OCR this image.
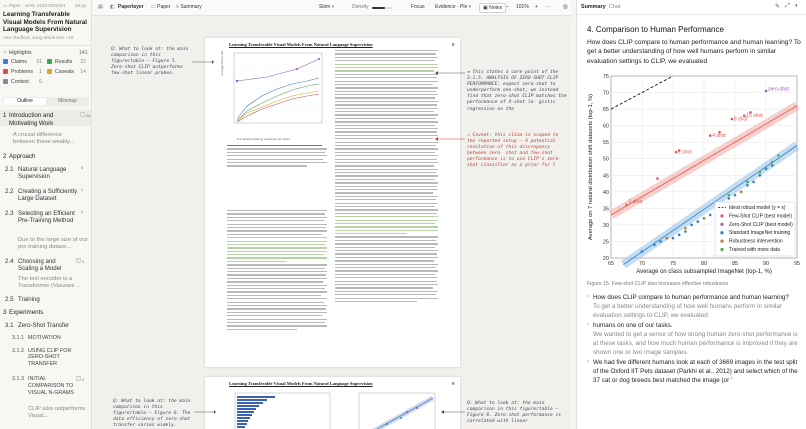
▭ Paper · arXiv 2103.00020v1 48 pp
Learning Transferable Visual Models From Natural Language Supervision
Alec Radford, Jong Wook Kim +10
✎ Highlights	141
Claims 31	Results 22
Problems 1	Caveats 14
Context 6
Outline	Minimap
1 Introduction and Motivating Work
24
A crucial difference between these weakly...
2 Approach
2.1 Natural Language Supervision
5
2.2 Creating a Sufficiently Large Dataset
1
2.3 Selecting an Efficient Pre-Training Method
2
Due to the large size of our pre-training datase...
2.4 Choosing and Scaling a Model
3
The text encoder is a Transformer (Vaswani ...
2.5 Training
3 Experiments
3.1 Zero-Shot Transfer
3.1.1 MOTIVATION
3.1.2 USING CLIP FOR ZERO-SHOT TRANSFER
3.1.3 INITIAL COMPARISON TO VISUAL N-GRAMS
4
CLIP also outperforms Visual...
▤ ◧ Paperlayer ▭ Paper ≡ Summary	Skim ▾	Density	Focus Evidence · Pin ▾	▣ Notes – 101% + ···	▥
Learning Transferable Visual Models From Natural Language Supervision	8
Average Score (%)
# of labeled training examples per class
Learning Transferable Visual Models From Natural Language Supervision	9
Q: What to look at: the main comparison in this figure/table — Figure 5. Zero-shot CLIP outperforms few-shot linear probes.	★ This states a core point of the 3.1.5. ANALYSIS OF ZERO-SHOT CLIP PERFORMANCE: expect zero-shot to underperform one-shot, we instead find that zero-shot CLIP matches the performance of 4-shot lo- gistic regression on the
⚠ Caveat: this claim is scoped to the reported setup — A potential resolution of this discrepancy between zero- shot and few-shot performance is to use CLIP's zero- shot classifier as a prior for t
Q: What to look at: the main comparison in this figure/table — Figure 6. The data efficiency of zero-shot transfer varies widely.
Q: What to look at: the main comparison in this figure/table — Figure 8. Zero-shot performance is correlated with linear
Summary Chat	✎ ⤢ ◐
4. Comparison to Human Performance
How does CLIP compare to human performance and human learning? To get a better understanding of how well humans perform in similar evaluation settings to CLIP, we evaluated
20
25
30
35
40
45
50
55
60
65
70
75
65	70	75	80	85	90	95
1 shot
2 shot
4 shot
8 shot
16 shot
zero-shot
Average on class subsampled ImageNet (top-1, %)
Average on 7 natural distribution shift datasets (top-1, %)	Ideal robust model (y = x)
Few-Shot CLIP (best model)
Zero-Shot CLIP (best model)
Standard ImageNet training
Robustness intervention
Trained with more data
Figure 15. Few-shot CLIP also increases effective robustness
› How does CLIP compare to human performance and human learning?
To get a better understanding of how well humans perform in similar evaluation settings to CLIP, we evaluated
› humans on one of our tasks.
We wanted to get a sense of how strong human zero-shot performance is at these tasks, and how much human performance is improved if they are shown one or two image samples.
› We had five different humans look at each of 3669 images in the test split of the Oxford IIT Pets dataset (Parkhi et al., 2012) and select which of the 37 cat or dog breeds best matched the image (or '
